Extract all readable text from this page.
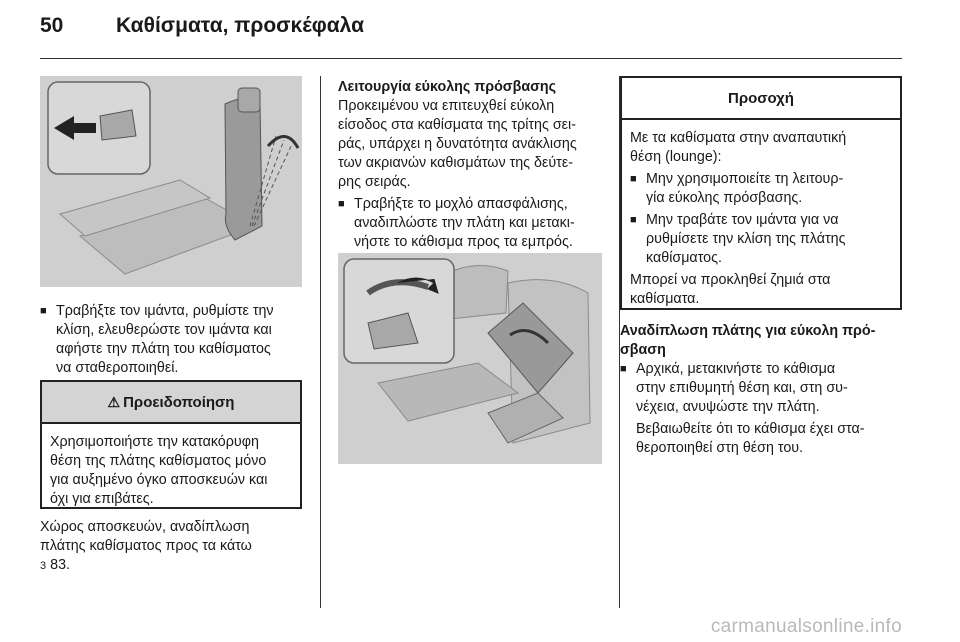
50	Καθίσματα, προσκέφαλα
■ Τραβήξτε τον ιμάντα, ρυθμίστε την
κλίση, ελευθερώστε τον ιμάντα και
αφήστε την πλάτη του καθίσματος
να σταθεροποιηθεί.
⚠ Προειδοποίηση
Χρησιμοποιήστε την κατακόρυφη
θέση της πλάτης καθίσματος μόνο
για αυξημένο όγκο αποσκευών και
όχι για επιβάτες.
Χώρος αποσκευών, αναδίπλωση
πλάτης καθίσματος προς τα κάτω
3 83.
Λειτουργία εύκολης πρόσβασης
Προκειμένου να επιτευχθεί εύκολη
είσοδος στα καθίσματα της τρίτης σει-
ράς, υπάρχει η δυνατότητα ανάκλισης
των ακριανών καθισμάτων της δεύτε-
ρης σειράς.
■ Τραβήξτε το μοχλό απασφάλισης,
αναδιπλώστε την πλάτη και μετακι-
νήστε το κάθισμα προς τα εμπρός.
Προσοχή
Με τα καθίσματα στην αναπαυτική
θέση (lounge):
■ Μην χρησιμοποιείτε τη λειτουρ-
γία εύκολης πρόσβασης.
■ Μην τραβάτε τον ιμάντα για να
ρυθμίσετε την κλίση της πλάτης
καθίσματος.
Μπορεί να προκληθεί ζημιά στα
καθίσματα.
Αναδίπλωση πλάτης για εύκολη πρό-
σβαση
■ Αρχικά, μετακινήστε το κάθισμα
στην επιθυμητή θέση και, στη συ-
νέχεια, ανυψώστε την πλάτη.
Βεβαιωθείτε ότι το κάθισμα έχει στα-
θεροποιηθεί στη θέση του.
carmanualsonline.info
